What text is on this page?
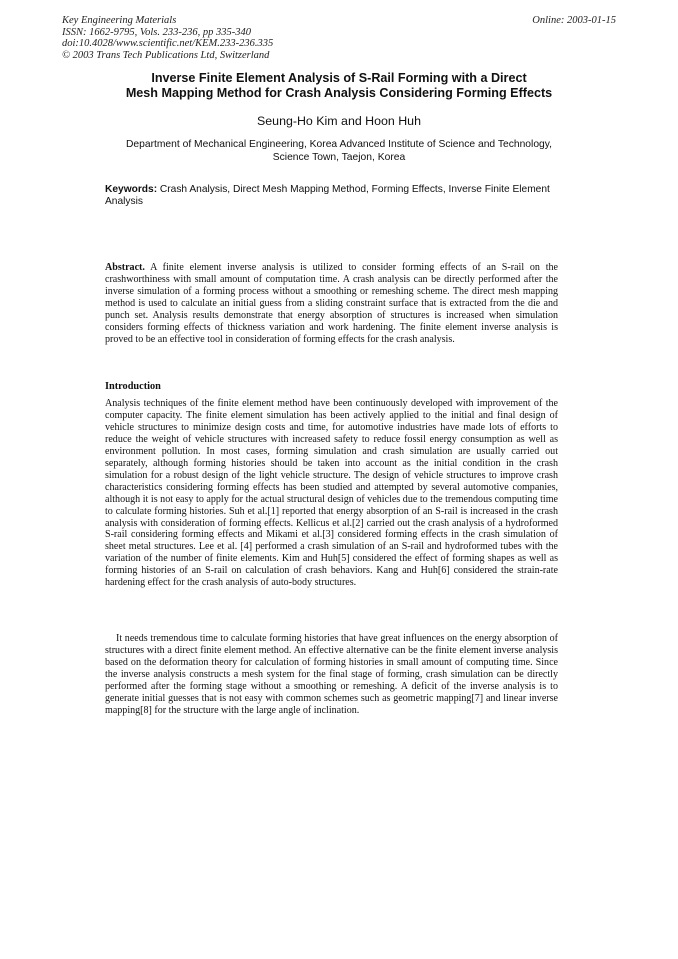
Key Engineering Materials
ISSN: 1662-9795, Vols. 233-236, pp 335-340
doi:10.4028/www.scientific.net/KEM.233-236.335
© 2003 Trans Tech Publications Ltd, Switzerland
Online: 2003-01-15
Inverse Finite Element Analysis of S-Rail Forming with a Direct
Mesh Mapping Method for Crash Analysis Considering Forming Effects
Seung-Ho Kim and Hoon Huh
Department of Mechanical Engineering, Korea Advanced Institute of Science and Technology,
Science Town, Taejon, Korea
Keywords: Crash Analysis, Direct Mesh Mapping Method, Forming Effects, Inverse Finite Element Analysis
Abstract. A finite element inverse analysis is utilized to consider forming effects of an S-rail on the crashworthiness with small amount of computation time. A crash analysis can be directly performed after the inverse simulation of a forming process without a smoothing or remeshing scheme. The direct mesh mapping method is used to calculate an initial guess from a sliding constraint surface that is extracted from the die and punch set. Analysis results demonstrate that energy absorption of structures is increased when simulation considers forming effects of thickness variation and work hardening. The finite element inverse analysis is proved to be an effective tool in consideration of forming effects for the crash analysis.
Introduction
Analysis techniques of the finite element method have been continuously developed with improvement of the computer capacity. The finite element simulation has been actively applied to the initial and final design of vehicle structures to minimize design costs and time, for automotive industries have made lots of efforts to reduce the weight of vehicle structures with increased safety to reduce fossil energy consumption as well as environment pollution. In most cases, forming simulation and crash simulation are usually carried out separately, although forming histories should be taken into account as the initial condition in the crash simulation for a robust design of the light vehicle structure. The design of vehicle structures to improve crash characteristics considering forming effects has been studied and attempted by several automotive companies, although it is not easy to apply for the actual structural design of vehicles due to the tremendous computing time to calculate forming histories. Suh et al.[1] reported that energy absorption of an S-rail is increased in the crash analysis with consideration of forming effects. Kellicus et al.[2] carried out the crash analysis of a hydroformed S-rail considering forming effects and Mikami et al.[3] considered forming effects in the crash simulation of sheet metal structures. Lee et al. [4] performed a crash simulation of an S-rail and hydroformed tubes with the variation of the number of finite elements. Kim and Huh[5] considered the effect of forming shapes as well as forming histories of an S-rail on calculation of crash behaviors. Kang and Huh[6] considered the strain-rate hardening effect for the crash analysis of auto-body structures.
It needs tremendous time to calculate forming histories that have great influences on the energy absorption of structures with a direct finite element method. An effective alternative can be the finite element inverse analysis based on the deformation theory for calculation of forming histories in small amount of computing time. Since the inverse analysis constructs a mesh system for the final stage of forming, crash simulation can be directly performed after the forming stage without a smoothing or remeshing. A deficit of the inverse analysis is to generate initial guesses that is not easy with common schemes such as geometric mapping[7] and linear inverse mapping[8] for the structure with the large angle of inclination.
